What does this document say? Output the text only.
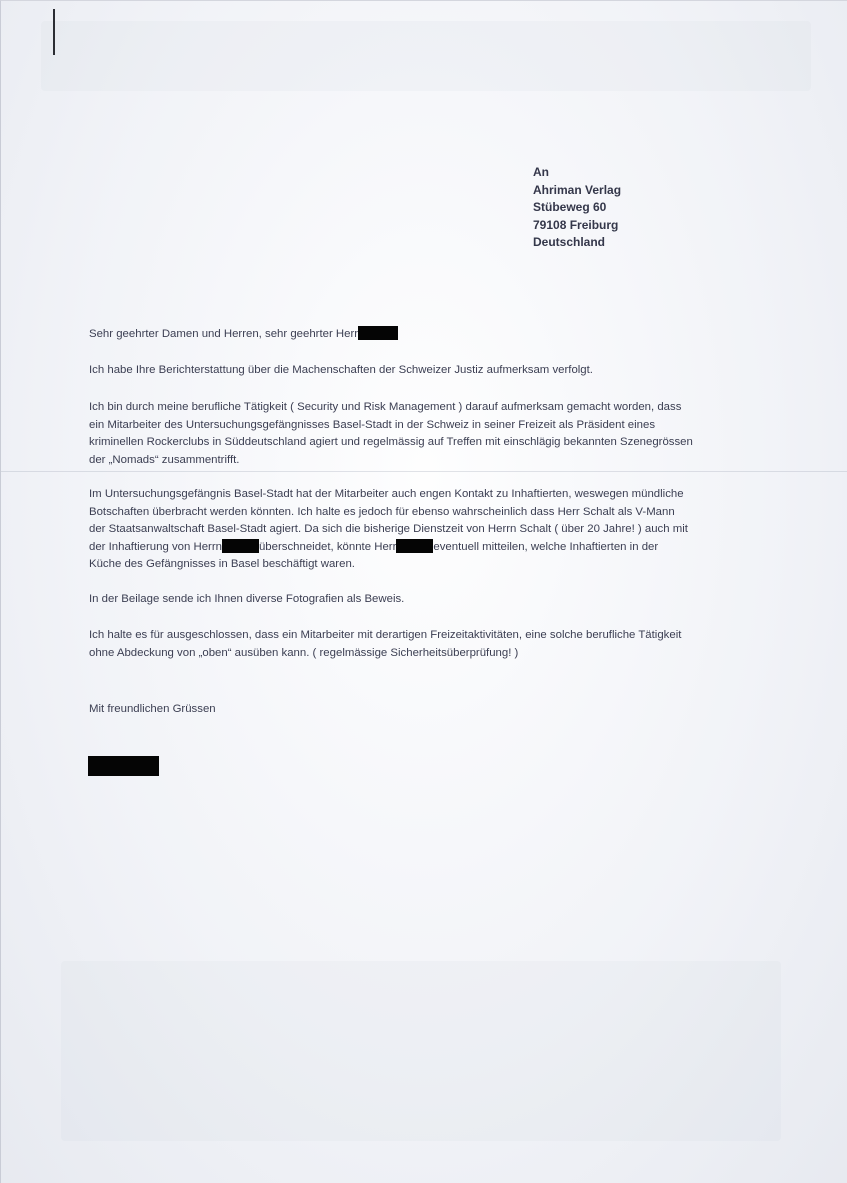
An
Ahriman Verlag
Stübeweg 60
79108 Freiburg
Deutschland
Sehr geehrter Damen und Herren, sehr geehrter Herr
Ich habe Ihre Berichterstattung über die Machenschaften der Schweizer Justiz aufmerksam verfolgt.
Ich bin durch meine berufliche Tätigkeit ( Security und Risk Management ) darauf aufmerksam gemacht worden, dass
ein Mitarbeiter des Untersuchungsgefängnisses Basel-Stadt in der Schweiz in seiner Freizeit als Präsident eines
kriminellen Rockerclubs in Süddeutschland agiert und regelmässig auf Treffen mit einschlägig bekannten Szenegrössen
der „Nomads“ zusammentrifft.
Im Untersuchungsgefängnis Basel-Stadt hat der Mitarbeiter auch engen Kontakt zu Inhaftierten, weswegen mündliche
Botschaften überbracht werden könnten. Ich halte es jedoch für ebenso wahrscheinlich dass Herr Schalt als V-Mann
der Staatsanwaltschaft Basel-Stadt agiert. Da sich die bisherige Dienstzeit von Herrn Schalt ( über 20 Jahre! ) auch mit
der Inhaftierung von Herrn	überschneidet, könnte Herr	eventuell mitteilen, welche Inhaftierten in der
Küche des Gefängnisses in Basel beschäftigt waren.
In der Beilage sende ich Ihnen diverse Fotografien als Beweis.
Ich halte es für ausgeschlossen, dass ein Mitarbeiter mit derartigen Freizeitaktivitäten, eine solche berufliche Tätigkeit
ohne Abdeckung von „oben“ ausüben kann. ( regelmässige Sicherheitsüberprüfung! )
Mit freundlichen Grüssen
